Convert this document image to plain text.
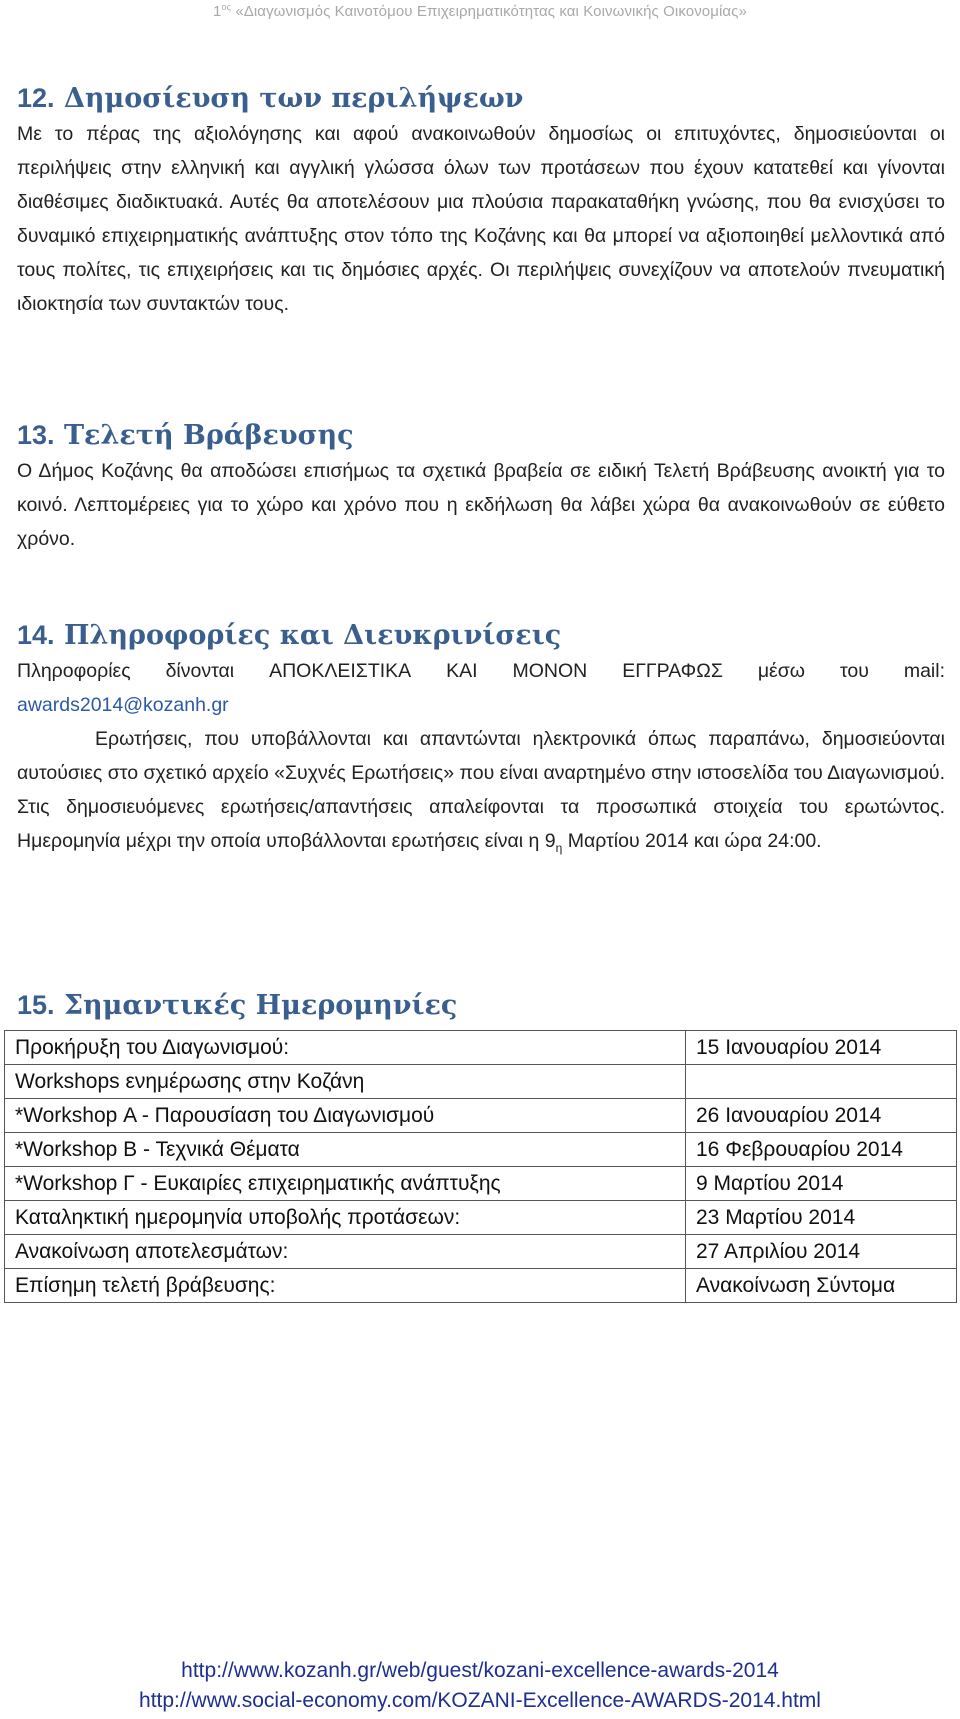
$1^{o\varsigma}$ «Διαγωνισμός Καινοτόμου Επιχειρηματικότητας και Κοινωνικής Οικονομίας»
12. Δημοσίευση των περιλήψεων

Με το πέρας της αξιολόγησης και αφού ανακοινωθούν δημοσίως οι επιτυχόντες, δημοσιεύονται οι περιλήψεις στην ελληνική και αγγλική γλώσσα όλων των προτάσεων που έχουν κατατεθεί και γίνονται διαθέσιμες διαδικτυακά. Αυτές θα αποτελέσουν μια πλούσια παρακαταθήκη γνώσης, που θα ενισχύσει το δυναμικό επιχειρηματικής ανάπτυξης στον τόπο της Κοζάνης και θα μπορεί να αξιοποιηθεί μελλοντικά από τους πολίτες, τις επιχειρήσεις και τις δημόσιες αρχές. Οι περιλήψεις συνεχίζουν να αποτελούν πνευματική ιδιοκτησία των συντακτών τους.

13. Τελετή Βράβευσης

Ο Δήμος Κοζάνης θα αποδώσει επισήμως τα σχετικά βραβεία σε ειδική Τελετή Βράβευσης ανοικτή για το κοινό. Λεπτομέρειες για το χώρο και χρόνο που η εκδήλωση θα λάβει χώρα θα ανακοινωθούν σε εύθετο χρόνο.

14. Πληροφορίες και Διευκρινίσεις
Πληροφορίες δίνονται ΑΠΟΚΛΕΙΣΤΙΚΑ ΚΑΙ ΜΟΝΟΝ ΕΓΓΡΑΦΩΣ μέσω του mail:

awards2014@kozanh.gr

Ερωτήσεις, που υποβάλλονται και απαντώνται ηλεκτρονικά όπως παραπάνω, δημοσιεύονται αυτούσιες στο σχετικό αρχείο «Συχνές Ερωτήσεις» που είναι αναρτημένο στην ιστοσελίδα του Διαγωνισμού. Στις δημοσιευόμενες ερωτήσεις/απαντήσεις απαλείφονται τα προσωπικά στοιχεία του ερωτώντος. Ημερομηνία μέχρι την οποία υποβάλλονται ερωτήσεις είναι η $9_\eta$ Μαρτίου 2014 και ώρα 24:00.

15. Σημαντικές Ημερομηνίες
Προκήρυξη του Διαγωνισμού:	15 Ιανουαρίου 2014
Workshops ενημέρωσης στην Κοζάνη	
*Workshop Α - Παρουσίαση του Διαγωνισμού	26 Ιανουαρίου 2014
*Workshop Β - Τεχνικά Θέματα	16 Φεβρουαρίου 2014
*Workshop Γ - Ευκαιρίες επιχειρηματικής ανάπτυξης	9 Μαρτίου 2014
Καταληκτική ημερομηνία υποβολής προτάσεων:	23 Μαρτίου 2014
Ανακοίνωση αποτελεσμάτων:	27 Απριλίου 2014
Επίσημη τελετή βράβευσης:	Ανακοίνωση Σύντομα
http://www.kozanh.gr/web/guest/kozani-excellence-awards-2014
http://www.social-economy.com/KOZANI-Excellence-AWARDS-2014.html
